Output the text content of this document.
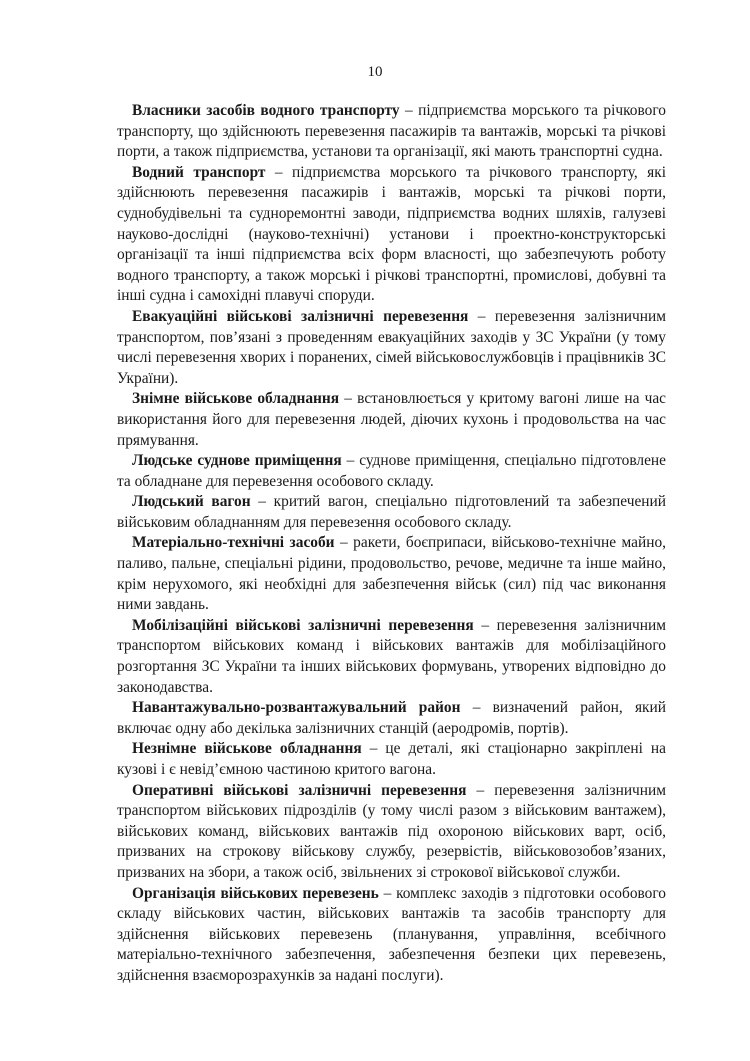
10

Власники засобів водного транспорту – підприємства морського та річкового транспорту, що здійснюють перевезення пасажирів та вантажів, морські та річкові порти, а також підприємства, установи та організації, які мають транспортні судна.

Водний транспорт – підприємства морського та річкового транспорту, які здійснюють перевезення пасажирів і вантажів, морські та річкові порти, суднобудівельні та судноремонтні заводи, підприємства водних шляхів, галузеві науково-дослідні (науково-технічні) установи і проектно-конструкторські організації та інші підприємства всіх форм власності, що забезпечують роботу водного транспорту, а також морські і річкові транспортні, промислові, добувні та інші судна і самохідні плавучі споруди.

Евакуаційні військові залізничні перевезення – перевезення залізничним транспортом, пов’язані з проведенням евакуаційних заходів у ЗС України (у тому числі перевезення хворих і поранених, сімей військовослужбовців і працівників ЗС України).

Знімне військове обладнання – встановлюється у критому вагоні лише на час використання його для перевезення людей, діючих кухонь і продовольства на час прямування.

Людське суднове приміщення – суднове приміщення, спеціально підготовлене та обладнане для перевезення особового складу.

Людський вагон – критий вагон, спеціально підготовлений та забезпечений військовим обладнанням для перевезення особового складу.

Матеріально-технічні засоби – ракети, боєприпаси, військово-технічне майно, паливо, пальне, спеціальні рідини, продовольство, речове, медичне та інше майно, крім нерухомого, які необхідні для забезпечення військ (сил) під час виконання ними завдань.

Мобілізаційні військові залізничні перевезення – перевезення залізничним транспортом військових команд і військових вантажів для мобілізаційного розгортання ЗС України та інших військових формувань, утворених відповідно до законодавства.

Навантажувально-розвантажувальний район – визначений район, який включає одну або декілька залізничних станцій (аеродромів, портів).

Незнімне військове обладнання – це деталі, які стаціонарно закріплені на кузові і є невід’ємною частиною критого вагона.

Оперативні військові залізничні перевезення – перевезення залізничним транспортом військових підрозділів (у тому числі разом з військовим вантажем), військових команд, військових вантажів під охороною військових варт, осіб, призваних на строкову військову службу, резервістів, військовозобов’язаних, призваних на збори, а також осіб, звільнених зі строкової військової служби.

Організація військових перевезень – комплекс заходів з підготовки особового складу військових частин, військових вантажів та засобів транспорту для здійснення військових перевезень (планування, управління, всебічного матеріально-технічного забезпечення, забезпечення безпеки цих перевезень, здійснення взаєморозрахунків за надані послуги).
